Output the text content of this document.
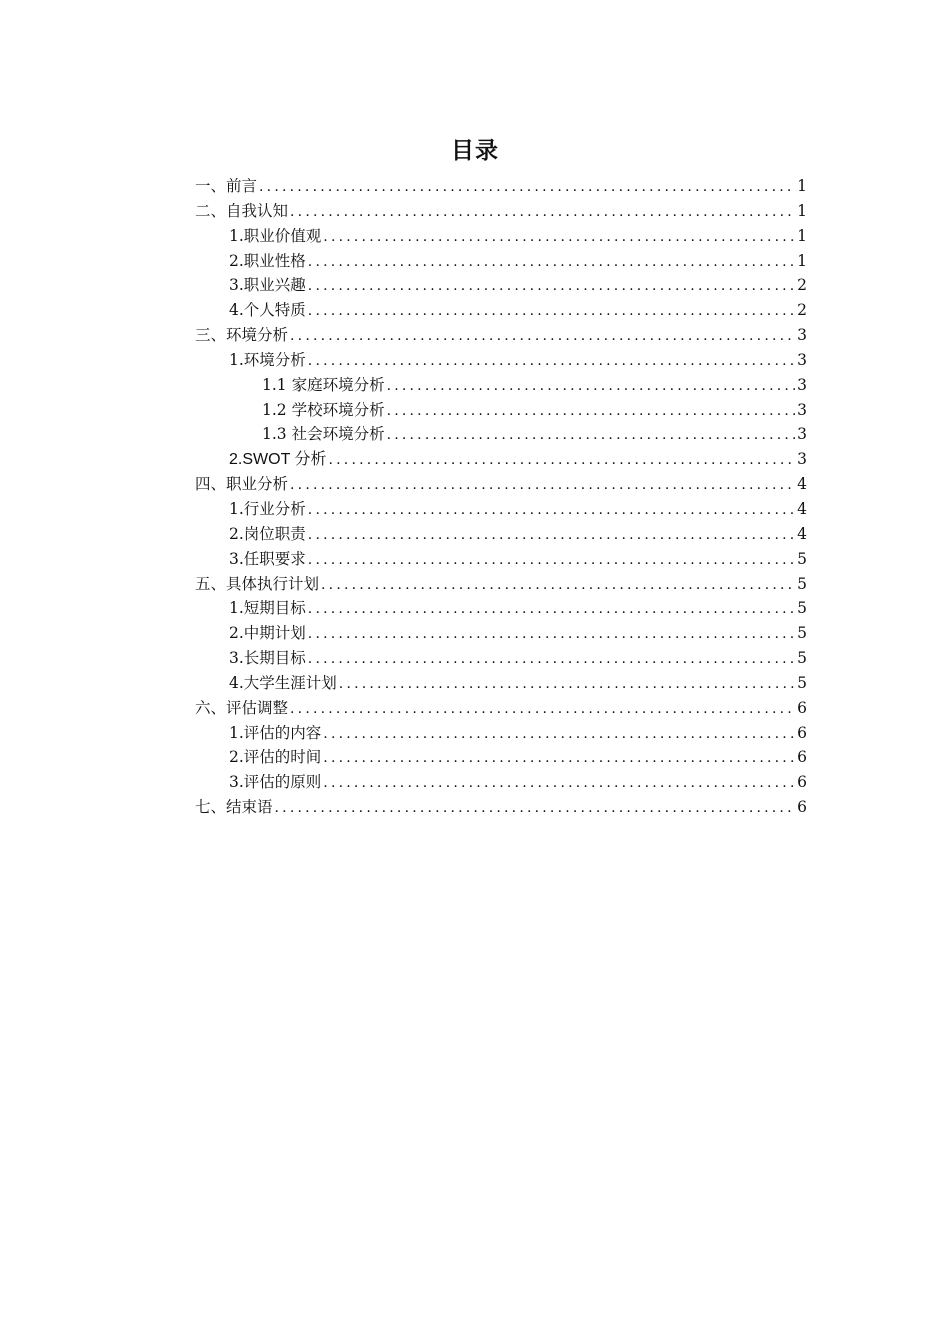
目录
一、前言 .....	1
二、自我认知 .....	1
1.职业价值观 .....	1
2.职业性格 .....	1
3.职业兴趣 .....	2
4.个人特质 .....	2
三、环境分析 .....	3
1.环境分析 .....	3
1.1 家庭环境分析 .....	3
1.2 学校环境分析 .....	3
1.3 社会环境分析 .....	3
2.SWOT 分析 .....	3
四、职业分析 .....	4
1.行业分析 .....	4
2.岗位职责 .....	4
3.任职要求 .....	5
五、具体执行计划 .....	5
1.短期目标 .....	5
2.中期计划 .....	5
3.长期目标 .....	5
4.大学生涯计划 .....	5
六、评估调整 .....	6
1.评估的内容 .....	6
2.评估的时间 .....	6
3.评估的原则 .....	6
七、结束语 .....	6
